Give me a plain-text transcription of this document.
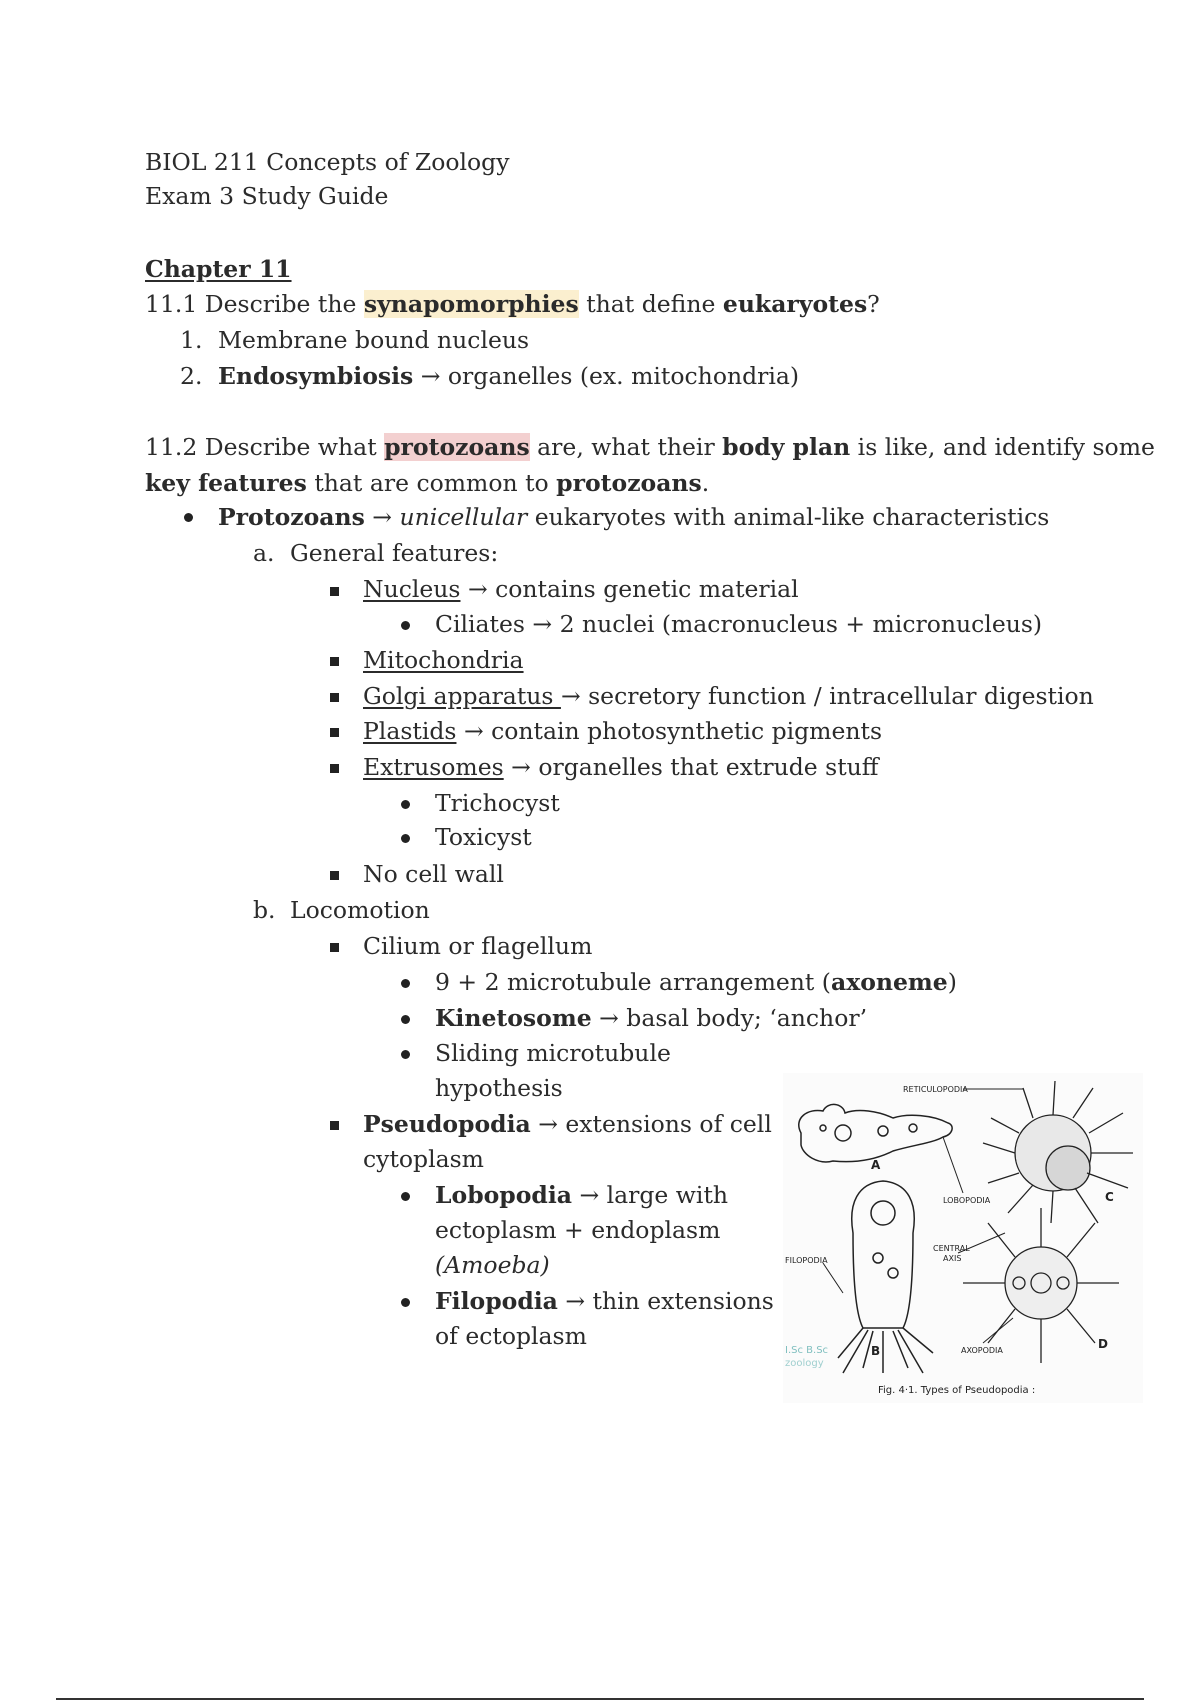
BIOL 211 Concepts of Zoology
Exam 3 Study Guide
Chapter 11
11.1 Describe the synapomorphies that define eukaryotes?
1. Membrane bound nucleus
2. Endosymbiosis → organelles (ex. mitochondria)
11.2 Describe what protozoans are, what their body plan is like, and identify some
key features that are common to protozoans.
Protozoans → unicellular eukaryotes with animal-like characteristics
a. General features:
Nucleus → contains genetic material
Ciliates → 2 nuclei (macronucleus + micronucleus)
Mitochondria
Golgi apparatus → secretory function / intracellular digestion
Plastids → contain photosynthetic pigments
Extrusomes → organelles that extrude stuff
Trichocyst
Toxicyst
No cell wall
b. Locomotion
Cilium or flagellum
9 + 2 microtubule arrangement (axoneme)
Kinetosome → basal body; ‘anchor’
Sliding microtubule
hypothesis
Pseudopodia → extensions of cell
cytoplasm
Lobopodia → large with
ectoplasm + endoplasm
(Amoeba)
Filopodia → thin extensions
of ectoplasm
RETICULOPODIA
LOBOPODIA
FILOPODIA
CENTRAL
AXIS
AXOPODIA
A
B
C
D
I.Sc B.Sc
zoology
Fig. 4·1. Types of Pseudopodia :
